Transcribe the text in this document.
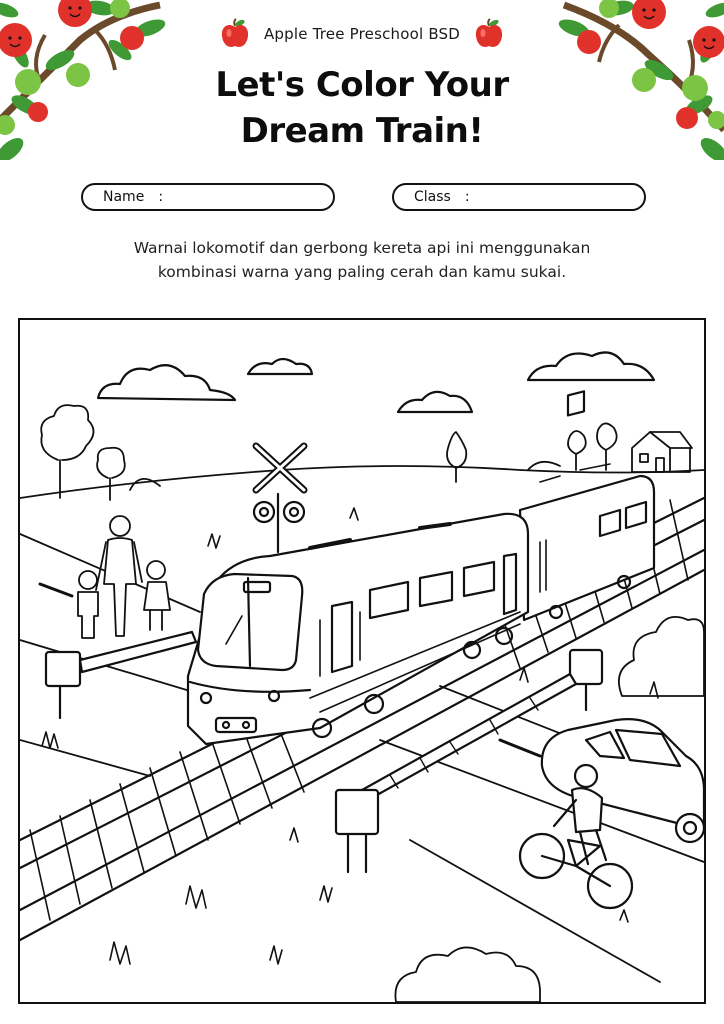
Apple Tree Preschool BSD
Let's Color Your
Dream Train!
Name :	Class :
Warnai lokomotif dan gerbong kereta api ini menggunakan
kombinasi warna yang paling cerah dan kamu sukai.
